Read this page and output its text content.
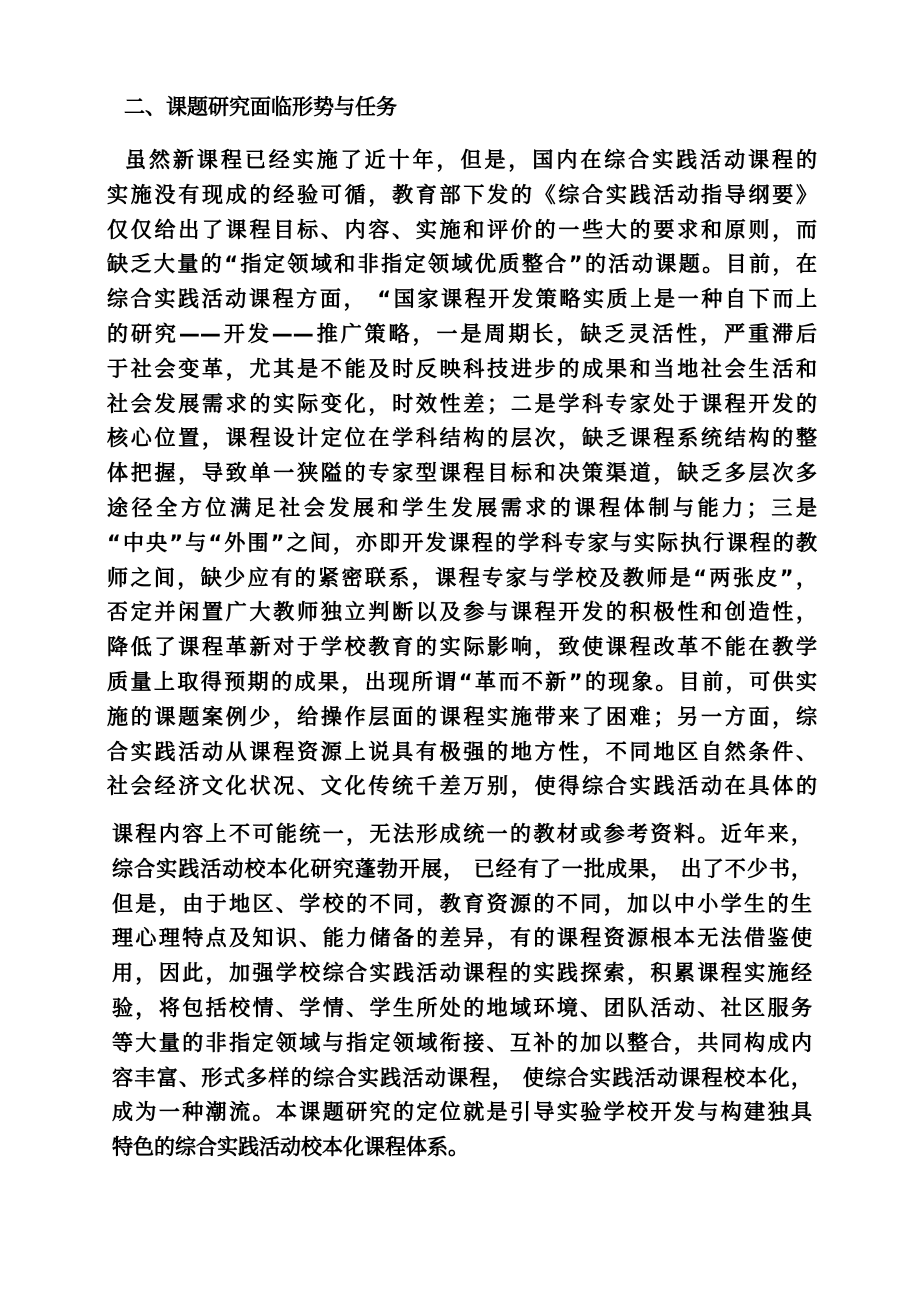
二、课题研究面临形势与任务
虽然新课程已经实施了近十年，但是，国内在综合实践活动课程的
实施没有现成的经验可循，教育部下发的《综合实践活动指导纲要》
仅仅给出了课程目标、内容、实施和评价的一些大的要求和原则，而
缺乏大量的“指定领域和非指定领域优质整合”的活动课题。目前，在
综合实践活动课程方面， “国家课程开发策略实质上是一种自下而上
的研究——开发——推广策略，一是周期长，缺乏灵活性，严重滞后
于社会变革，尤其是不能及时反映科技进步的成果和当地社会生活和
社会发展需求的实际变化，时效性差；二是学科专家处于课程开发的
核心位置，课程设计定位在学科结构的层次，缺乏课程系统结构的整
体把握，导致单一狭隘的专家型课程目标和决策渠道，缺乏多层次多
途径全方位满足社会发展和学生发展需求的课程体制与能力；三是
“中央”与“外围”之间，亦即开发课程的学科专家与实际执行课程的教
师之间，缺少应有的紧密联系，课程专家与学校及教师是“两张皮”，
否定并闲置广大教师独立判断以及参与课程开发的积极性和创造性，
降低了课程革新对于学校教育的实际影响，致使课程改革不能在教学
质量上取得预期的成果，出现所谓“革而不新”的现象。目前，可供实
施的课题案例少，给操作层面的课程实施带来了困难；另一方面，综
合实践活动从课程资源上说具有极强的地方性，不同地区自然条件、
社会经济文化状况、文化传统千差万别，使得综合实践活动在具体的
课程内容上不可能统一，无法形成统一的教材或参考资料。近年来，
综合实践活动校本化研究蓬勃开展， 已经有了一批成果， 出了不少书，
但是，由于地区、学校的不同，教育资源的不同，加以中小学生的生
理心理特点及知识、能力储备的差异，有的课程资源根本无法借鉴使
用，因此，加强学校综合实践活动课程的实践探索，积累课程实施经
验，将包括校情、学情、学生所处的地域环境、团队活动、社区服务
等大量的非指定领域与指定领域衔接、互补的加以整合，共同构成内
容丰富、形式多样的综合实践活动课程， 使综合实践活动课程校本化，
成为一种潮流。本课题研究的定位就是引导实验学校开发与构建独具
特色的综合实践活动校本化课程体系。
